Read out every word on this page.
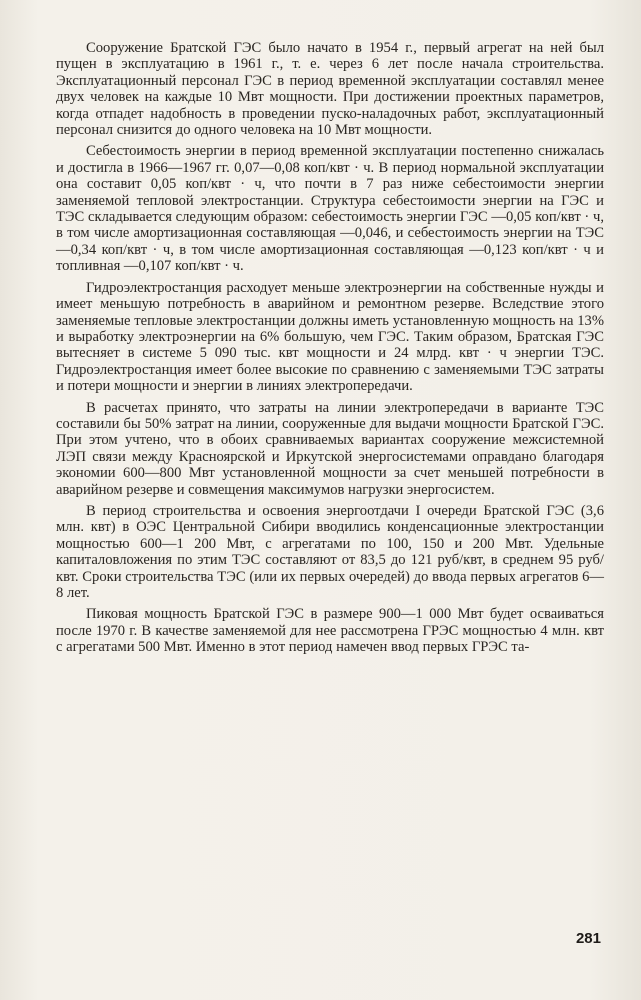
Сооружение Братской ГЭС было начато в 1954 г., первый агрегат на ней был пущен в эксплуатацию в 1961 г., т. е. через 6 лет после начала строительства. Эксплуатационный персонал ГЭС в период временной эксплуатации составлял менее двух человек на каждые 10 Мвт мощности. При достижении проектных параметров, когда отпадет надобность в проведении пуско-наладочных работ, эксплуатационный персонал снизится до одного человека на 10 Мвт мощности.

Себестоимость энергии в период временной эксплуатации постепенно снижалась и достигла в 1966—1967 гг. 0,07—0,08 коп/квт · ч. В период нормальной эксплуатации она составит 0,05 коп/квт · ч, что почти в 7 раз ниже себестоимости энергии заменяемой тепловой электростанции. Структура себестоимости энергии на ГЭС и ТЭС складывается следующим образом: себестоимость энергии ГЭС —0,05 коп/квт · ч, в том числе амортизационная составляющая —0,046, и себестоимость энергии на ТЭС —0,34 коп/квт · ч, в том числе амортизационная составляющая —0,123 коп/квт · ч и топливная —0,107 коп/квт · ч.

Гидроэлектростанция расходует меньше электроэнергии на собственные нужды и имеет меньшую потребность в аварийном и ремонтном резерве. Вследствие этого заменяемые тепловые электростанции должны иметь установленную мощность на 13% и выработку электроэнергии на 6% большую, чем ГЭС. Таким образом, Братская ГЭС вытесняет в системе 5 090 тыс. квт мощности и 24 млрд. квт · ч энергии ТЭС. Гидроэлектростанция имеет более высокие по сравнению с заменяемыми ТЭС затраты и потери мощности и энергии в линиях электропередачи.

В расчетах принято, что затраты на линии электропередачи в варианте ТЭС составили бы 50% затрат на линии, сооруженные для выдачи мощности Братской ГЭС. При этом учтено, что в обоих сравниваемых вариантах сооружение межсистемной ЛЭП связи между Красноярской и Иркутской энергосистемами оправдано благодаря экономии 600—800 Мвт установленной мощности за счет меньшей потребности в аварийном резерве и совмещения максимумов нагрузки энергосистем.

В период строительства и освоения энергоотдачи I очереди Братской ГЭС (3,6 млн. квт) в ОЭС Центральной Сибири вводились конденсационные электростанции мощностью 600—1 200 Мвт, с агрегатами по 100, 150 и 200 Мвт. Удельные капиталовложения по этим ТЭС составляют от 83,5 до 121 руб/квт, в среднем 95 руб/квт. Сроки строительства ТЭС (или их первых очередей) до ввода первых агрегатов 6—8 лет.

Пиковая мощность Братской ГЭС в размере 900—1 000 Мвт будет осваиваться после 1970 г. В качестве заменяемой для нее рассмотрена ГРЭС мощностью 4 млн. квт с агрегатами 500 Мвт. Именно в этот период намечен ввод первых ГРЭС та-

281
